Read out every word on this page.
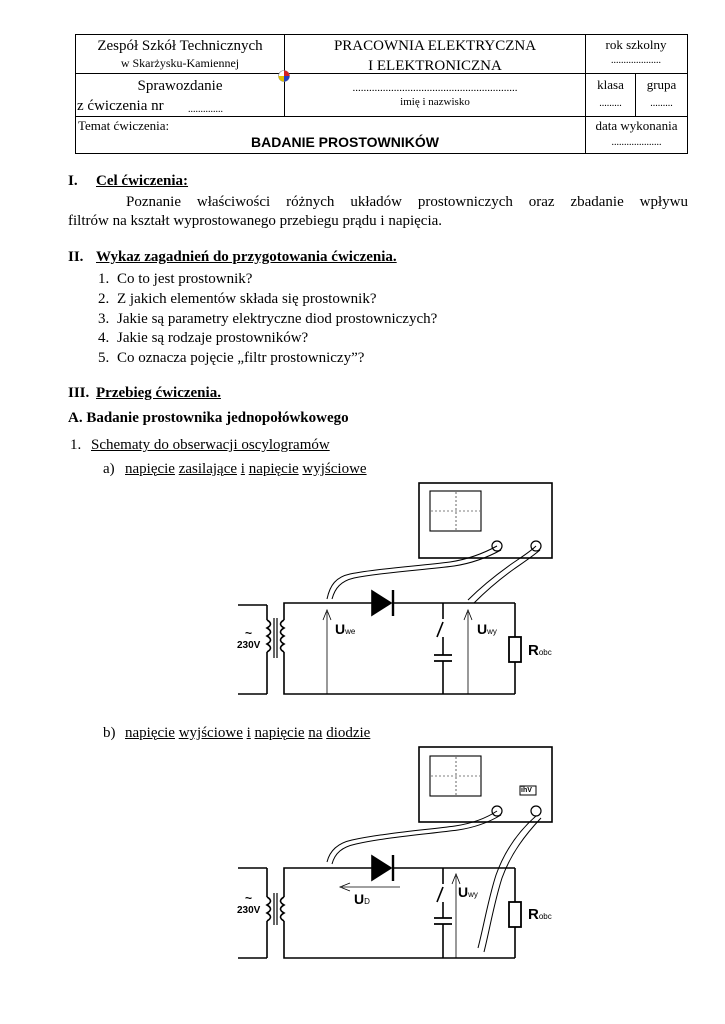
Zespół Szkół Technicznych
w Skarżysku-Kamiennej
PRACOWNIA ELEKTRYCZNA
I ELEKTRONICZNA
rok szkolny
....................
Sprawozdanie
z ćwiczenia nr ..............
............................................................
imię i nazwisko
klasa
.........
grupa
.........
Temat ćwiczenia:
BADANIE PROSTOWNIKÓW
data wykonania
....................
I. Cel ćwiczenia:
Poznanie właściwości różnych układów prostowniczych oraz zbadanie wpływu
filtrów na kształt wyprostowanego przebiegu prądu i napięcia.
II. Wykaz zagadnień do przygotowania ćwiczenia.
1. Co to jest prostownik?
2. Z jakich elementów składa się prostownik?
3. Jakie są parametry elektryczne diod prostowniczych?
4. Jakie są rodzaje prostowników?
5. Co oznacza pojęcie „filtr prostowniczy”?
III. Przebieg ćwiczenia.
A. Badanie prostownika jednopołówkowego
1. Schematy do obserwacji oscylogramów
a) napięcie zasilające i napięcie wyjściowe
~
230V
Uwe	Uwy
Robc
b) napięcie wyjściowe i napięcie na diodzie
ihV
~
230V
UD
Uwy
Robc
